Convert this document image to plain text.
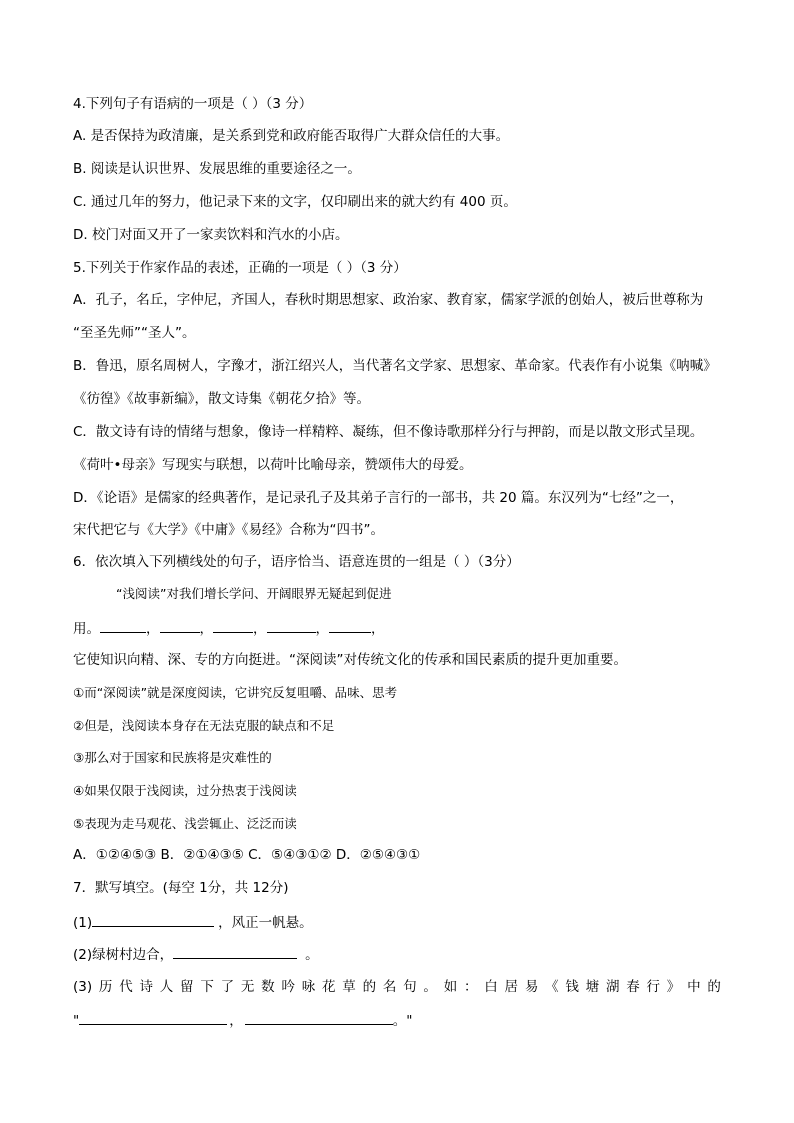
4.下列句子有语病的一项是（ ）（3 分）
A. 是否保持为政清廉，是关系到党和政府能否取得广大群众信任的大事。
B. 阅读是认识世界、发展思维的重要途径之一。
C. 通过几年的努力，他记录下来的文字，仅印刷出来的就大约有 400 页。
D. 校门对面又开了一家卖饮料和汽水的小店。
5.下列关于作家作品的表述，正确的一项是（ ）（3 分）
A．孔子，名丘，字仲尼，齐国人，春秋时期思想家、政治家、教育家，儒家学派的创始人，被后世尊称为
“至圣先师”“圣人”。
B．鲁迅，原名周树人，字豫才，浙江绍兴人，当代著名文学家、思想家、革命家。代表作有小说集《呐喊》
《彷徨》《故事新编》，散文诗集《朝花夕拾》等。
C．散文诗有诗的情绪与想象，像诗一样精粹、凝练，但不像诗歌那样分行与押韵，而是以散文形式呈现。
《荷叶•母亲》写现实与联想，以荷叶比喻母亲，赞颂伟大的母爱。
D．《论语》是儒家的经典著作，是记录孔子及其弟子言行的一部书，共 20 篇。东汉列为“七经”之一，
宋代把它与《大学》《中庸》《易经》合称为“四书”。
6．依次填入下列横线处的句子，语序恰当、语意连贯的一组是（ ）（3分）
“浅阅读”对我们增长学问、开阔眼界无疑起到促进
用。	，	，	，	，	，
它使知识向精、深、专的方向挺进。“深阅读”对传统文化的传承和国民素质的提升更加重要。
①而“深阅读”就是深度阅读，它讲究反复咀嚼、品味、思考
②但是，浅阅读本身存在无法克服的缺点和不足
③那么对于国家和民族将是灾难性的
④如果仅限于浅阅读，过分热衷于浅阅读
⑤表现为走马观花、浅尝辄止、泛泛而读
A．①②④⑤③ B．②①④③⑤ C．⑤④③①② D．②⑤④③①
7．默写填空。(每空 1分，共 12分)
(1)	，风正一帆悬。
(2)绿树村边合，	。
(3) 历 代 诗 人 留 下 了 无 数 吟 咏 花 草 的 名 句 。 如 ： 白 居 易 《 钱 塘 湖 春 行 》 中 的
"	，	。"
